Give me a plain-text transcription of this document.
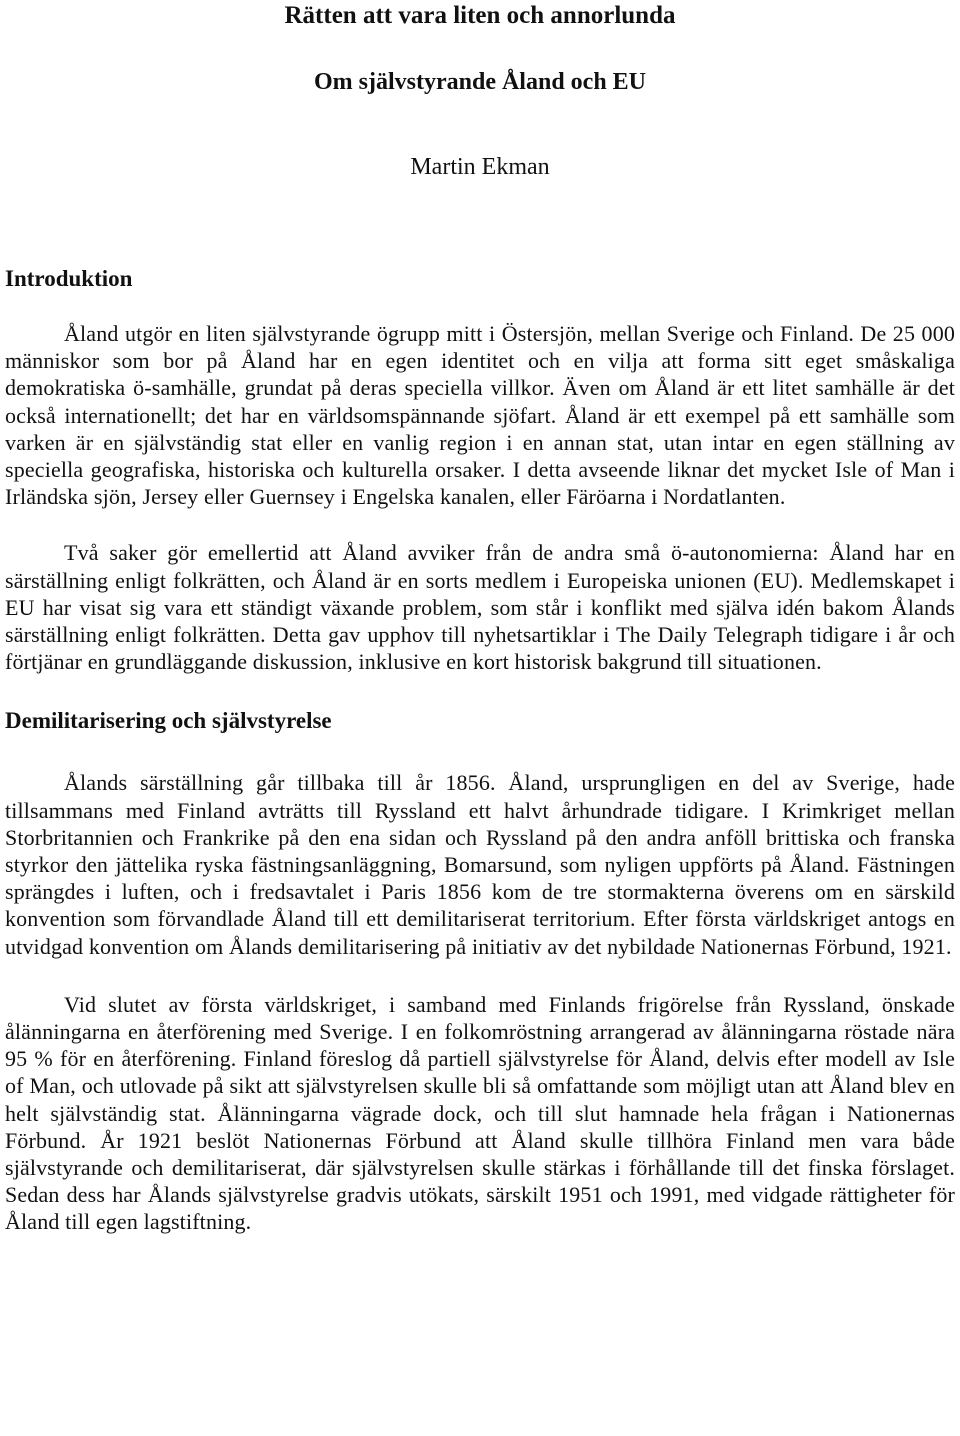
Rätten att vara liten och annorlunda
Om självstyrande Åland och EU

Martin Ekman

Introduktion

Åland utgör en liten självstyrande ögrupp mitt i Östersjön, mellan Sverige och Finland. De 25 000 människor som bor på Åland har en egen identitet och en vilja att forma sitt eget småskaliga demokratiska ö-samhälle, grundat på deras speciella villkor. Även om Åland är ett litet samhälle är det också internationellt; det har en världsomspännande sjöfart. Åland är ett exempel på ett samhälle som varken är en självständig stat eller en vanlig region i en annan stat, utan intar en egen ställning av speciella geografiska, historiska och kulturella orsaker. I detta avseende liknar det mycket Isle of Man i Irländska sjön, Jersey eller Guernsey i Engelska kanalen, eller Färöarna i Nordatlanten.

Två saker gör emellertid att Åland avviker från de andra små ö-autonomierna: Åland har en särställning enligt folkrätten, och Åland är en sorts medlem i Europeiska unionen (EU). Medlemskapet i EU har visat sig vara ett ständigt växande problem, som står i konflikt med själva idén bakom Ålands särställning enligt folkrätten. Detta gav upphov till nyhetsartiklar i The Daily Telegraph tidigare i år och förtjänar en grundläggande diskussion, inklusive en kort historisk bakgrund till situationen.

Demilitarisering och självstyrelse

Ålands särställning går tillbaka till år 1856. Åland, ursprungligen en del av Sverige, hade tillsammans med Finland avträtts till Ryssland ett halvt århundrade tidigare. I Krimkriget mellan Storbritannien och Frankrike på den ena sidan och Ryssland på den andra anföll brittiska och franska styrkor den jättelika ryska fästningsanläggning, Bomarsund, som nyligen uppförts på Åland. Fästningen sprängdes i luften, och i fredsavtalet i Paris 1856 kom de tre stormakterna överens om en särskild konvention som förvandlade Åland till ett demilitariserat territorium. Efter första världskriget antogs en utvidgad konvention om Ålands demilitarisering på initiativ av det nybildade Nationernas Förbund, 1921.

Vid slutet av första världskriget, i samband med Finlands frigörelse från Ryssland, önskade ålänningarna en återförening med Sverige. I en folkomröstning arrangerad av ålänningarna röstade nära 95 % för en återförening. Finland föreslog då partiell självstyrelse för Åland, delvis efter modell av Isle of Man, och utlovade på sikt att självstyrelsen skulle bli så omfattande som möjligt utan att Åland blev en helt självständig stat. Ålänningarna vägrade dock, och till slut hamnade hela frågan i Nationernas Förbund. År 1921 beslöt Nationernas Förbund att Åland skulle tillhöra Finland men vara både självstyrande och demilitariserat, där självstyrelsen skulle stärkas i förhållande till det finska förslaget. Sedan dess har Ålands självstyrelse gradvis utökats, särskilt 1951 och 1991, med vidgade rättigheter för Åland till egen lagstiftning.
